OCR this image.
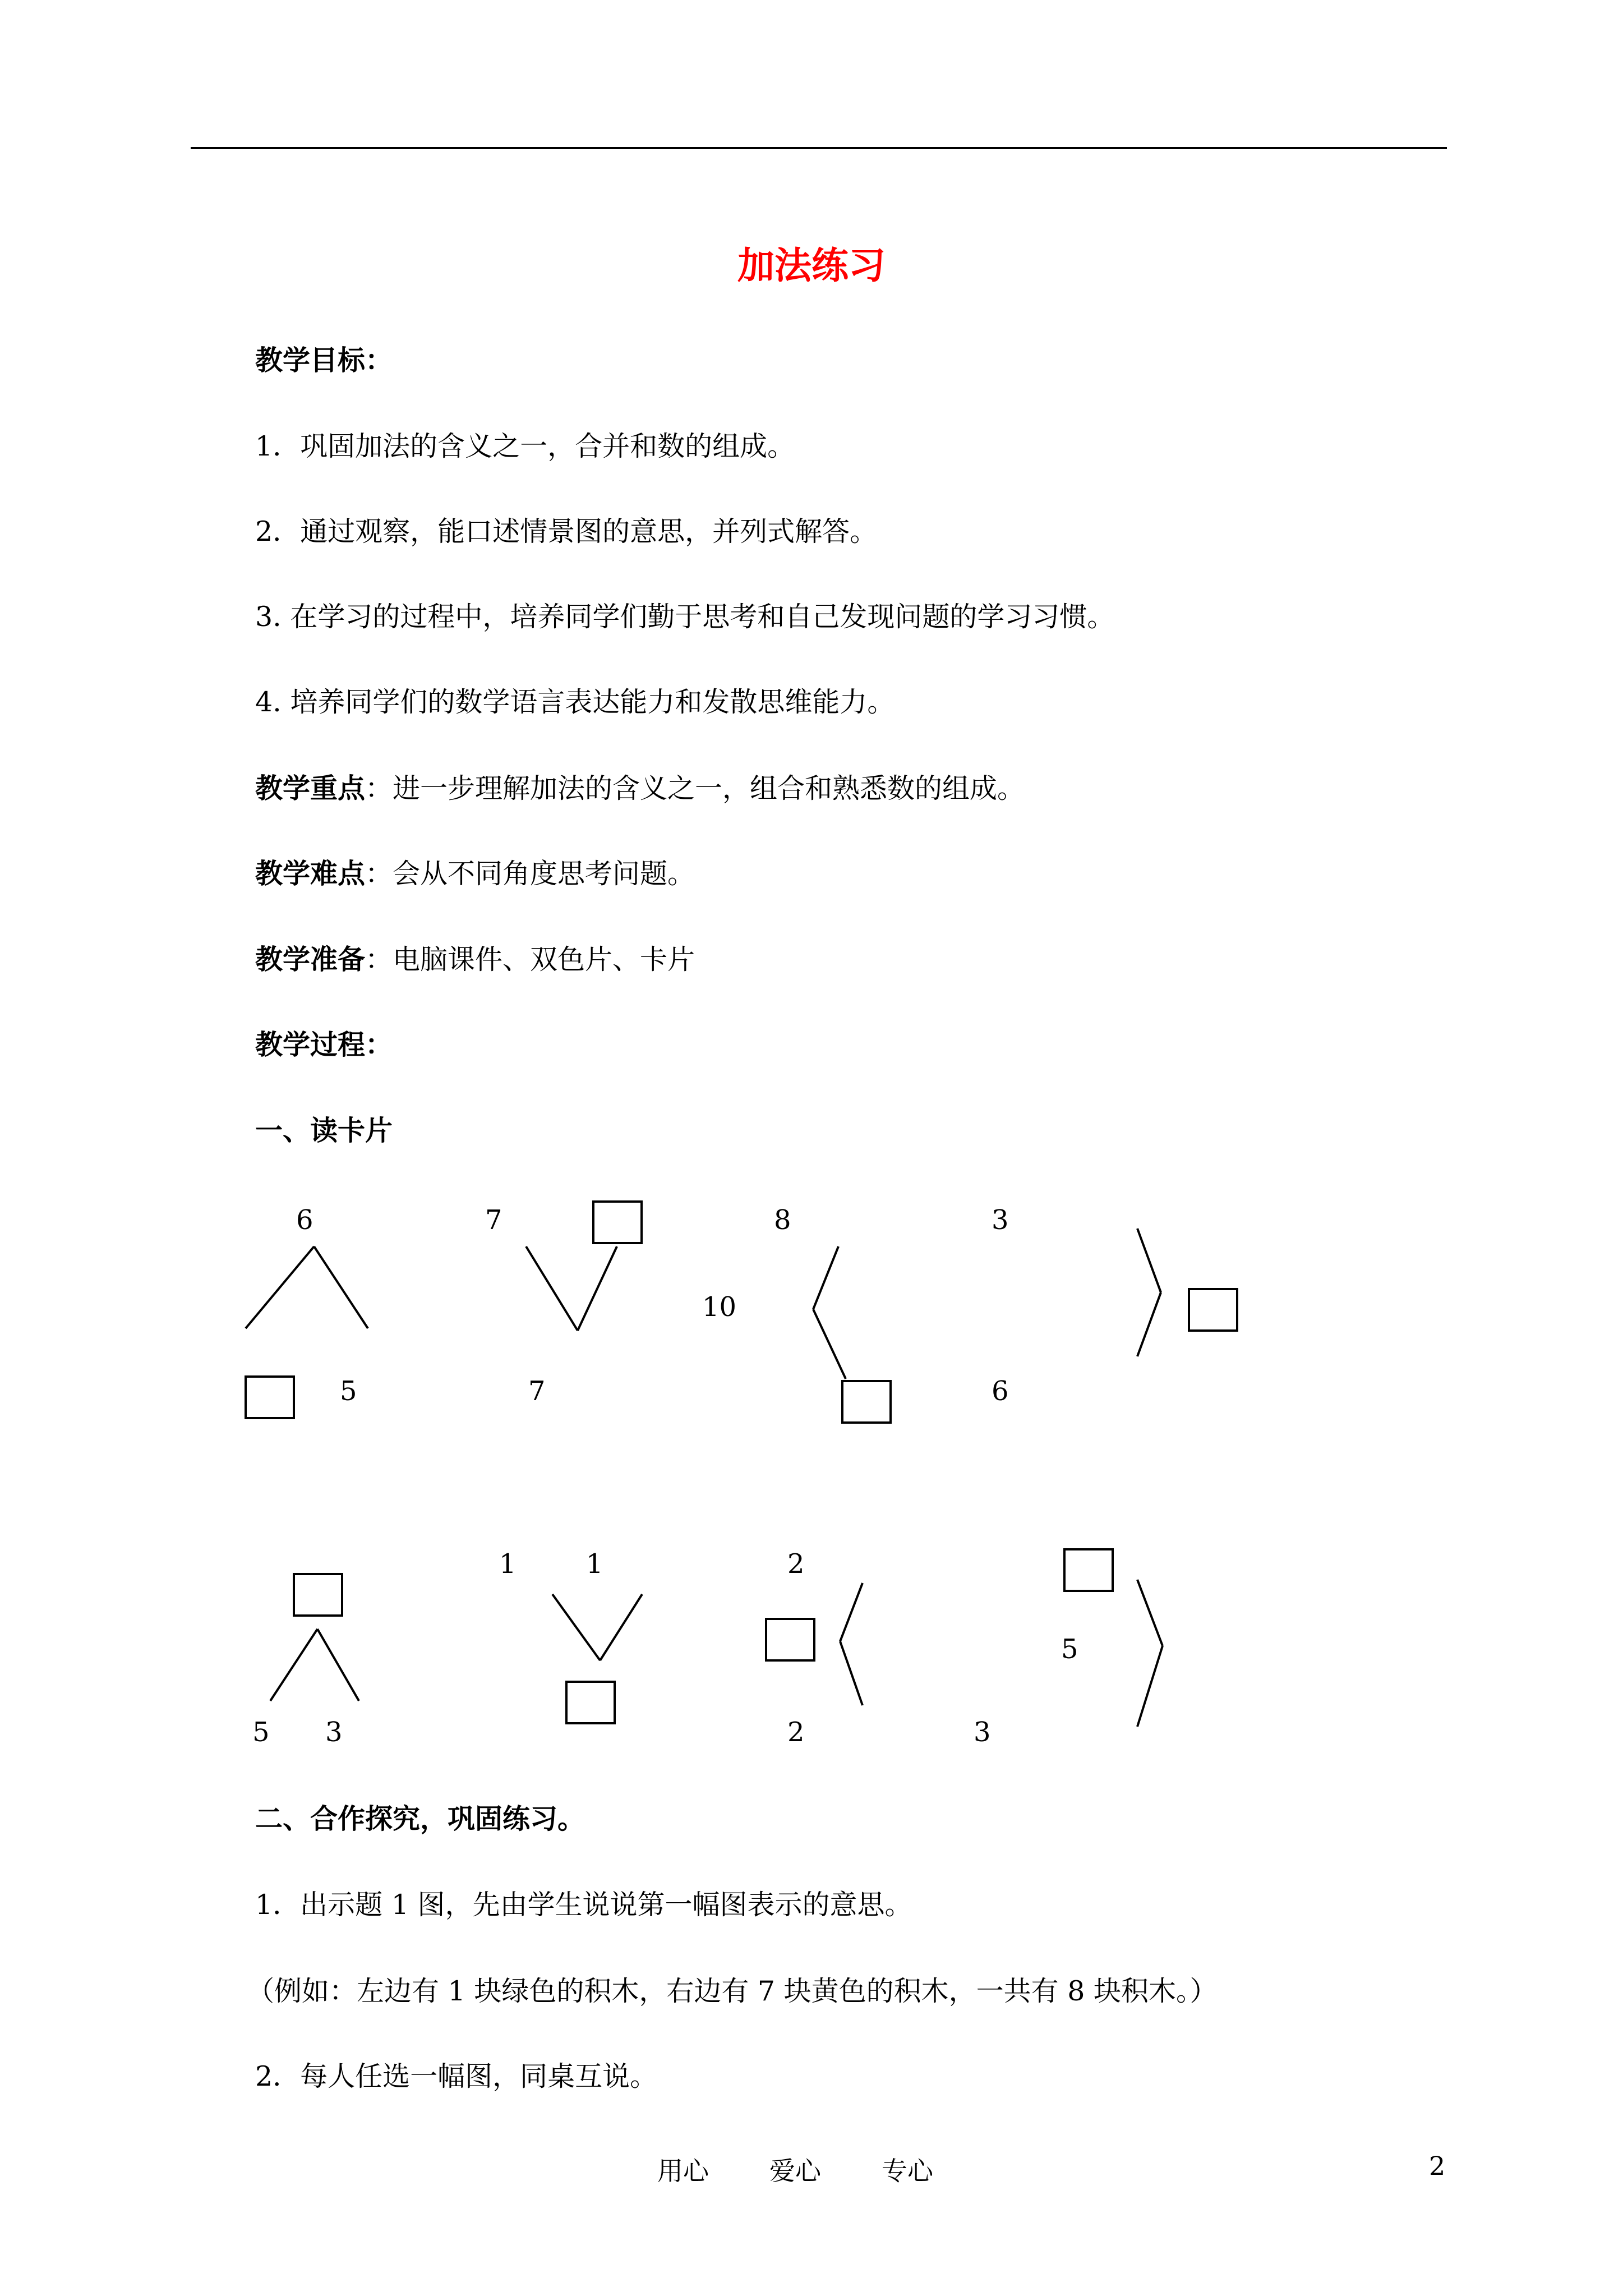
加法练习
教学目标：
1．巩固加法的含义之一，合并和数的组成。
2．通过观察，能口述情景图的意思，并列式解答。
3. 在学习的过程中，培养同学们勤于思考和自己发现问题的学习习惯。
4. 培养同学们的数学语言表达能力和发散思维能力。
教学重点：进一步理解加法的含义之一，组合和熟悉数的组成。
教学难点：会从不同角度思考问题。
教学准备：电脑课件、双色片、卡片
教学过程：
一、读卡片
6
5
7
7
10
8	3
6
5 3
1	1	2
2
5
3
二、合作探究，巩固练习。
1．出示题 1 图，先由学生说说第一幅图表示的意思。
（例如：左边有 1 块绿色的积木，右边有 7 块黄色的积木，一共有 8 块积木。）
2．每人任选一幅图，同桌互说。
用心 爱心 专心	2
